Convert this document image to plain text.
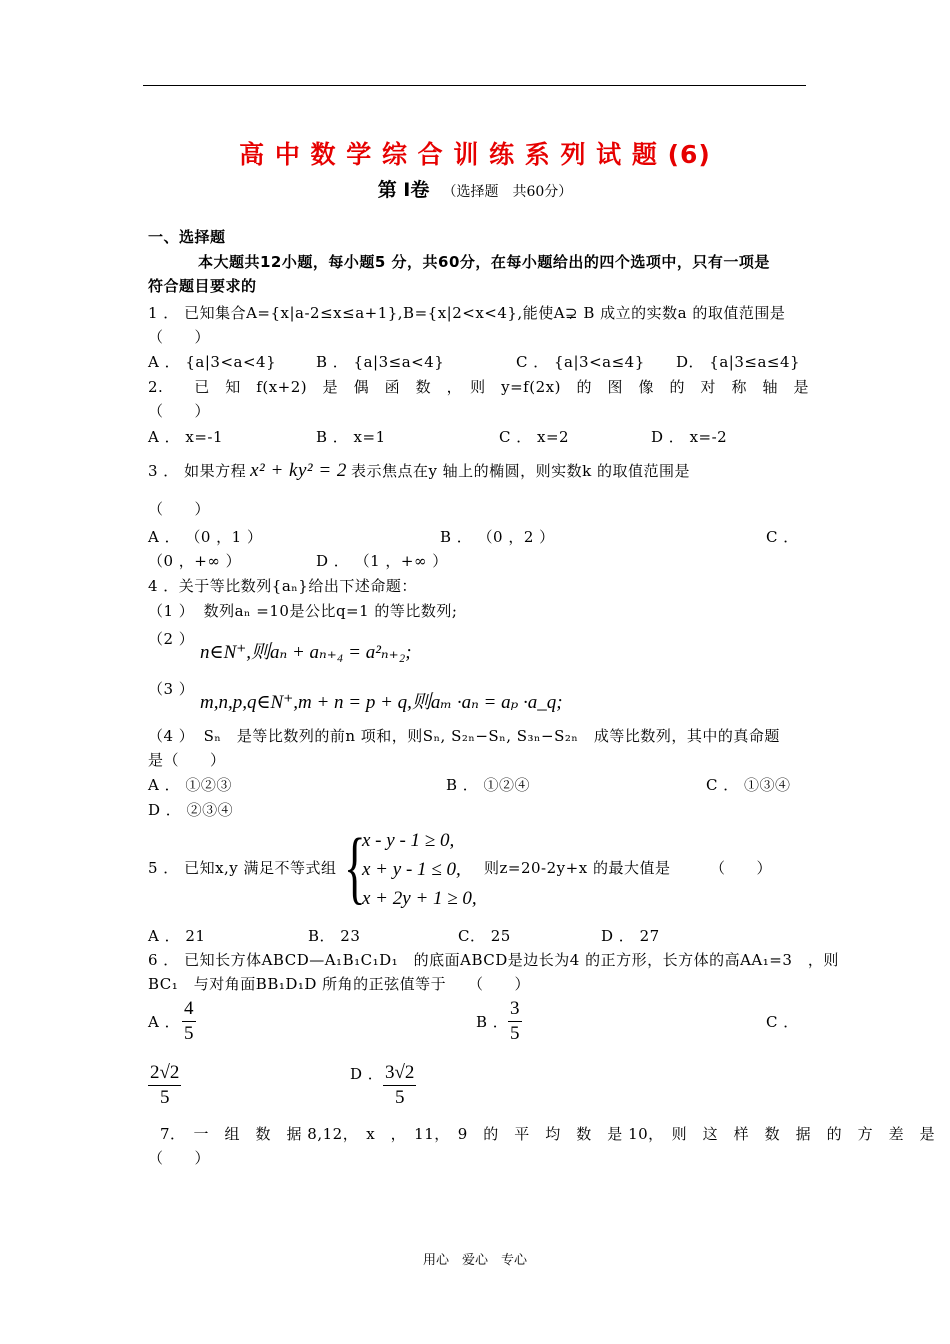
高 中 数 学 综 合 训 练 系 列 试 题 (6)
第 Ⅰ卷 （选择题　共60分）
一、选择题
本大题共12小题，每小题5 分，共60分，在每小题给出的四个选项中，只有一项是
符合题目要求的
1 ． 已知集合A={x|a-2≤x≤a+1},B={x|2<x<4},能使A⊋ B 成立的实数a 的取值范围是
（　　）
A ． {a|3<a<4}	B ． {a|3≤a<4}	C ． {a|3<a≤4} D． {a|3≤a≤4}
2.　　已　知　f(x+2)　是　偶　函　数　，　则　y=f(2x)　的　图　像　的　对　称　轴　是
（　　）
A ． x=-1	B ． x=1	C ． x=2	D ． x=-2
3 ． 如果方程 x² + ky² = 2 表示焦点在y 轴上的椭圆，则实数k 的取值范围是
（　　）
A ． （0 ，1 ）	B ． （0 ，2 ）	C ．
（0 ，+∞ ）	D ． （1 ，+∞ ）
4 ．关于等比数列{aₙ}给出下述命题：
（1 ） 数列aₙ =10是公比q=1 的等比数列;
（2 ）
n∈N⁺,则aₙ + aₙ₊₄ = a²ₙ₊₂;
（3 ）
m,n,p,q∈N⁺,m + n = p + q,则aₘ ·aₙ = aₚ ·a_q;
（4 ） Sₙ　是等比数列的前n 项和，则Sₙ, S₂ₙ−Sₙ, S₃ₙ−S₂ₙ　成等比数列，其中的真命题
是（　　）
A ． ①②③	B ． ①②④	C ． ①③④
D ． ②③④
5 ． 已知x,y 满足不等式组 {
x - y - 1 ≥ 0,
x + y - 1 ≤ 0,
x + 2y + 1 ≥ 0,
则z=20-2y+x 的最大值是	（　　）
A ． 21	B． 23	C． 25	D ． 27
6 ． 已知长方体ABCD—A₁B₁C₁D₁　的底面ABCD是边长为4 的正方形，长方体的高AA₁=3　，则
BC₁　与对角面BB₁D₁D 所角的正弦值等于 （　　）
A ． $\frac{4}{5}$	B ． $\frac{3}{5}$	C ．
$\frac{2√2}{5}$	D ． $\frac{3√2}{5}$
7．　一　组　数　据 8,12，　x　，　11，　9　的　平　均　数　是 10，　则　这　样　数　据　的　方　差　是
（　　）
用心　爱心　专心
